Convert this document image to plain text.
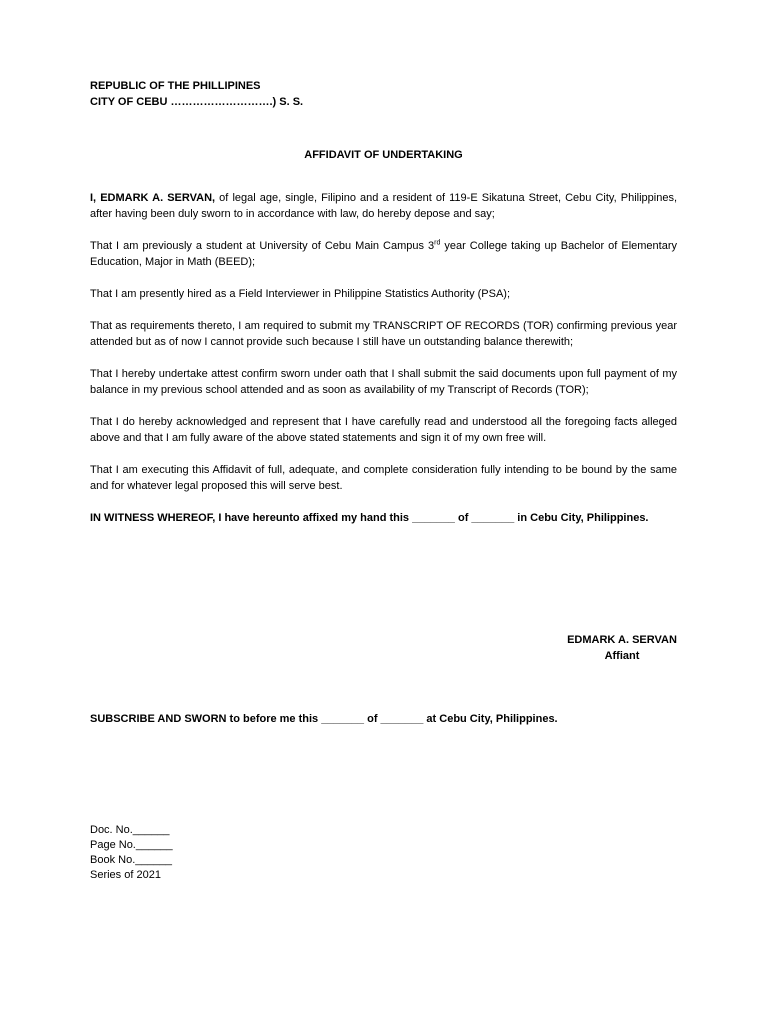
REPUBLIC OF THE PHILLIPINES
CITY OF CEBU ……………………….) S. S.
AFFIDAVIT OF UNDERTAKING
I, EDMARK A. SERVAN, of legal age, single, Filipino and a resident of 119-E Sikatuna Street, Cebu City, Philippines, after having been duly sworn to in accordance with law, do hereby depose and say;
That I am previously a student at University of Cebu Main Campus 3rd year College taking up Bachelor of Elementary Education, Major in Math (BEED);
That I am presently hired as a Field Interviewer in Philippine Statistics Authority (PSA);
That as requirements thereto, I am required to submit my TRANSCRIPT OF RECORDS (TOR) confirming previous year attended but as of now I cannot provide such because I still have un outstanding balance therewith;
That I hereby undertake attest confirm sworn under oath that I shall submit the said documents upon full payment of my balance in my previous school attended and as soon as availability of my Transcript of Records (TOR);
That I do hereby acknowledged and represent that I have carefully read and understood all the foregoing facts alleged above and that I am fully aware of the above stated statements and sign it of my own free will.
That I am executing this Affidavit of full, adequate, and complete consideration fully intending to be bound by the same and for whatever legal proposed this will serve best.
IN WITNESS WHEREOF, I have hereunto affixed my hand this _______ of _______ in Cebu City, Philippines.
EDMARK A. SERVAN
Affiant
SUBSCRIBE AND SWORN to before me this _______ of _______ at Cebu City, Philippines.
Doc. No.______
Page No.______
Book No.______
Series of 2021
